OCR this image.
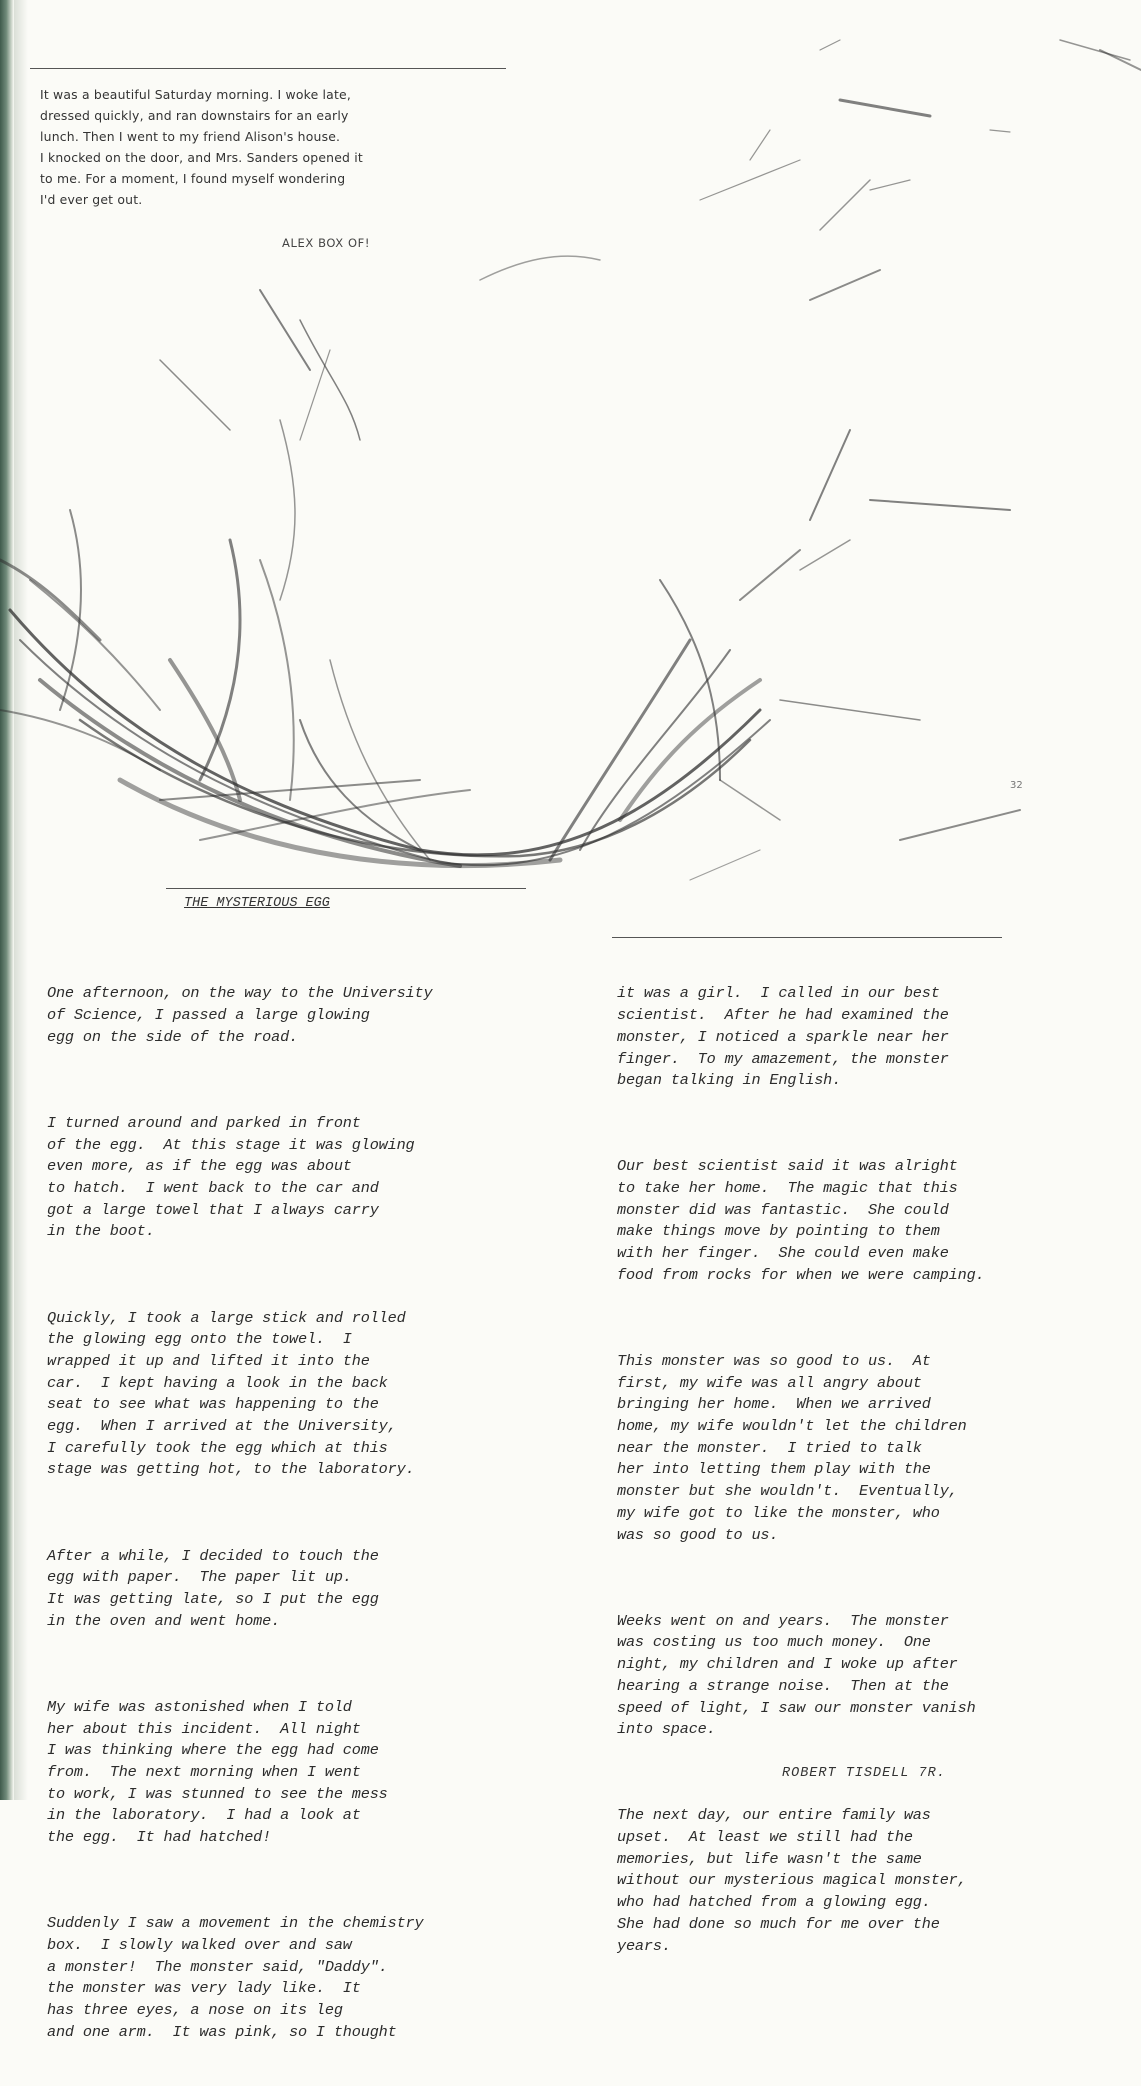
It was a beautiful Saturday morning. I woke late,

dressed quickly, and ran downstairs for an early

lunch. Then I went to my friend Alison's house.

I knocked on the door, and Mrs. Sanders opened it

to me. For a moment, I found myself wondering

I'd ever get out.

ALEX BOX OF!
32
THE MYSTERIOUS EGG

One afternoon, on the way to the University
of Science, I passed a large glowing
egg on the side of the road.

I turned around and parked in front
of the egg.  At this stage it was glowing
even more, as if the egg was about
to hatch.  I went back to the car and
got a large towel that I always carry
in the boot.

Quickly, I took a large stick and rolled
the glowing egg onto the towel.  I
wrapped it up and lifted it into the
car.  I kept having a look in the back
seat to see what was happening to the
egg.  When I arrived at the University,
I carefully took the egg which at this
stage was getting hot, to the laboratory.

After a while, I decided to touch the
egg with paper.  The paper lit up.
It was getting late, so I put the egg
in the oven and went home.

My wife was astonished when I told
her about this incident.  All night
I was thinking where the egg had come
from.  The next morning when I went
to work, I was stunned to see the mess
in the laboratory.  I had a look at
the egg.  It had hatched!

Suddenly I saw a movement in the chemistry
box.  I slowly walked over and saw
a monster!  The monster said, "Daddy".
the monster was very lady like.  It
has three eyes, a nose on its leg
and one arm.  It was pink, so I thought

it was a girl.  I called in our best
scientist.  After he had examined the
monster, I noticed a sparkle near her
finger.  To my amazement, the monster
began talking in English.

Our best scientist said it was alright
to take her home.  The magic that this
monster did was fantastic.  She could
make things move by pointing to them
with her finger.  She could even make
food from rocks for when we were camping.

This monster was so good to us.  At
first, my wife was all angry about
bringing her home.  When we arrived
home, my wife wouldn't let the children
near the monster.  I tried to talk
her into letting them play with the
monster but she wouldn't.  Eventually,
my wife got to like the monster, who
was so good to us.

Weeks went on and years.  The monster
was costing us too much money.  One
night, my children and I woke up after
hearing a strange noise.  Then at the
speed of light, I saw our monster vanish
into space.

The next day, our entire family was
upset.  At least we still had the
memories, but life wasn't the same
without our mysterious magical monster,
who had hatched from a glowing egg.
She had done so much for me over the
years.

ROBERT TISDELL 7R.
